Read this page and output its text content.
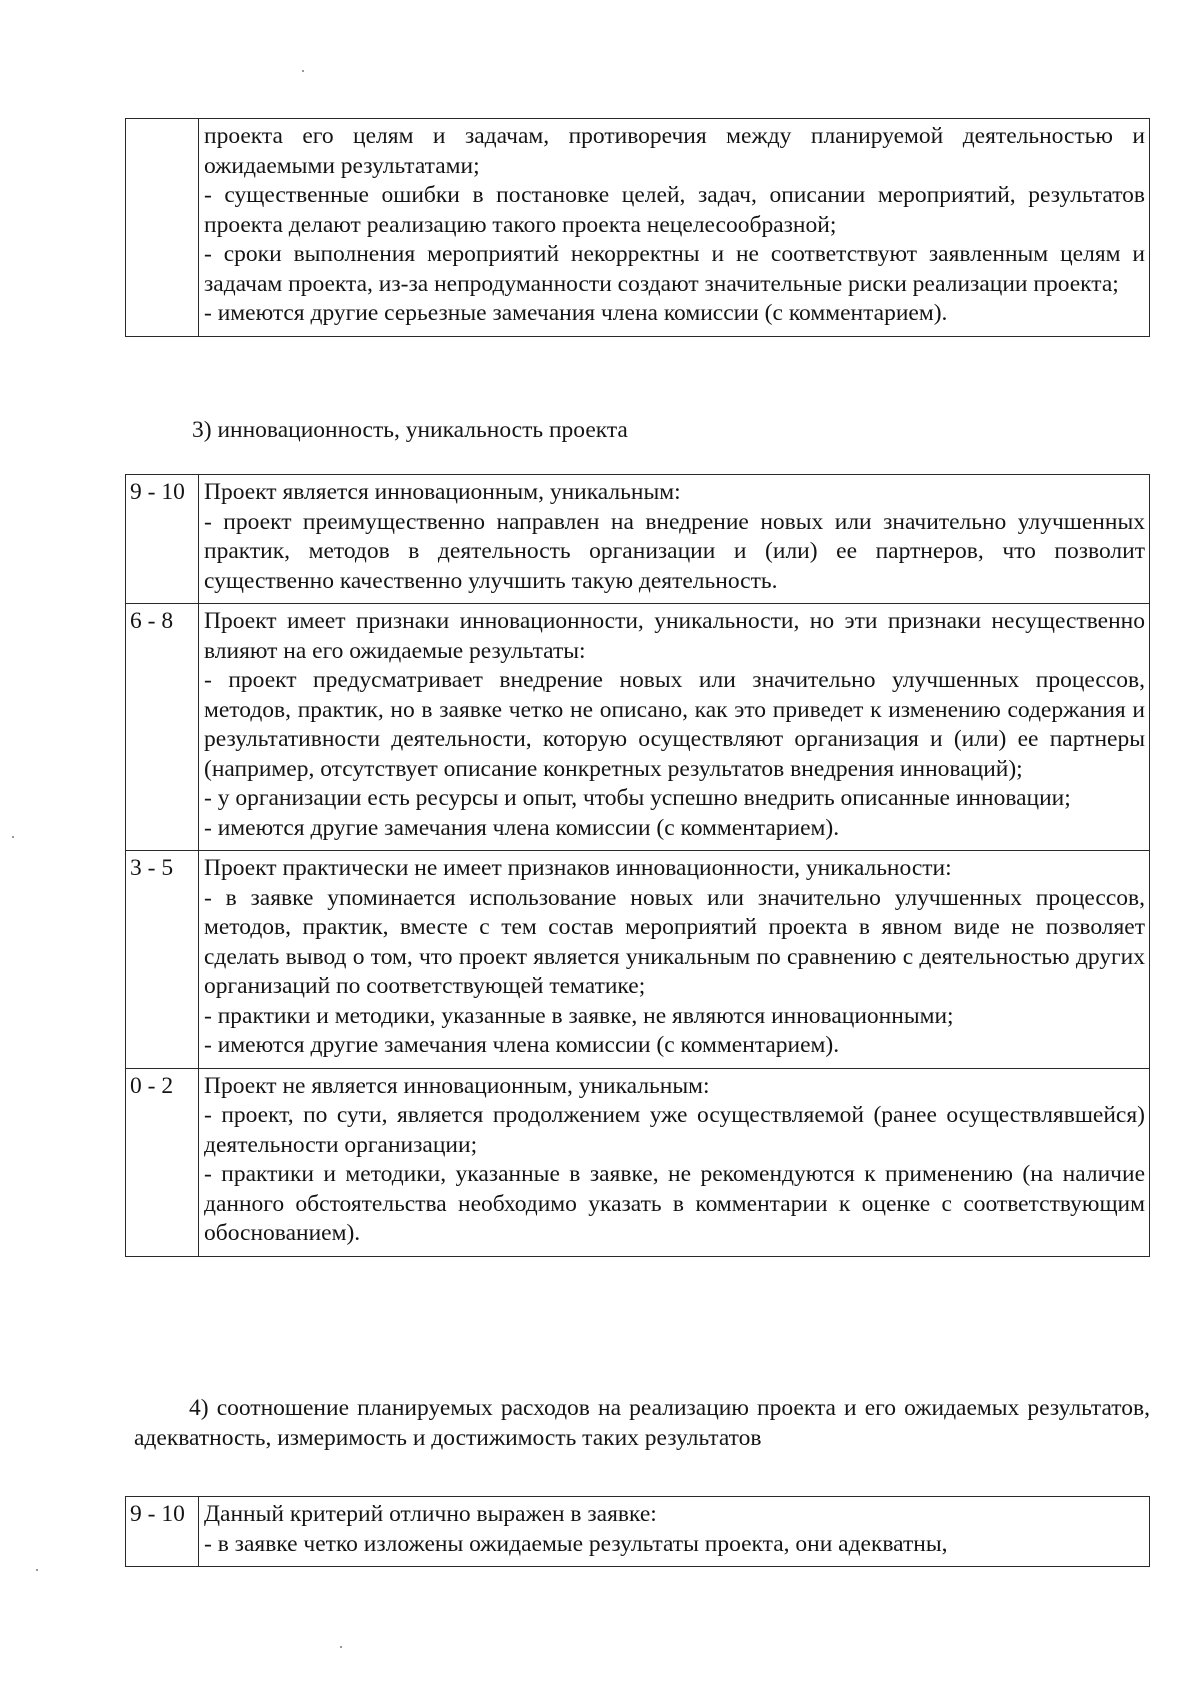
проекта его целям и задачам, противоречия между планируемой деятельностью и ожидаемыми результатами;
- существенные ошибки в постановке целей, задач, описании мероприятий, результатов проекта делают реализацию такого проекта нецелесообразной;
- сроки выполнения мероприятий некорректны и не соответствуют заявленным целям и задачам проекта, из-за непродуманности создают значительные риски реализации проекта;
- имеются другие серьезные замечания члена комиссии (с комментарием).
3) инновационность, уникальность проекта
9 - 10	Проект является инновационным, уникальным:
- проект преимущественно направлен на внедрение новых или значительно улучшенных практик, методов в деятельность организации и (или) ее партнеров, что позволит существенно качественно улучшить такую деятельность.

6 - 8	Проект имеет признаки инновационности, уникальности, но эти признаки несущественно влияют на его ожидаемые результаты:
- проект предусматривает внедрение новых или значительно улучшенных процессов, методов, практик, но в заявке четко не описано, как это приведет к изменению содержания и результативности деятельности, которую осуществляют организация и (или) ее партнеры (например, отсутствует описание конкретных результатов внедрения инноваций);
- у организации есть ресурсы и опыт, чтобы успешно внедрить описанные инновации;
- имеются другие замечания члена комиссии (с комментарием).

3 - 5	Проект практически не имеет признаков инновационности, уникальности:
- в заявке упоминается использование новых или значительно улучшенных процессов, методов, практик, вместе с тем состав мероприятий проекта в явном виде не позволяет сделать вывод о том, что проект является уникальным по сравнению с деятельностью других организаций по соответствующей тематике;
- практики и методики, указанные в заявке, не являются инновационными;
- имеются другие замечания члена комиссии (с комментарием).

0 - 2	Проект не является инновационным, уникальным:
- проект, по сути, является продолжением уже осуществляемой (ранее осуществлявшейся) деятельности организации;
- практики и методики, указанные в заявке, не рекомендуются к применению (на наличие данного обстоятельства необходимо указать в комментарии к оценке с соответствующим обоснованием).
4) соотношение планируемых расходов на реализацию проекта и его ожидаемых результатов, адекватность, измеримость и достижимость таких результатов
9 - 10	Данный критерий отлично выражен в заявке:
- в заявке четко изложены ожидаемые результаты проекта, они адекватны,
